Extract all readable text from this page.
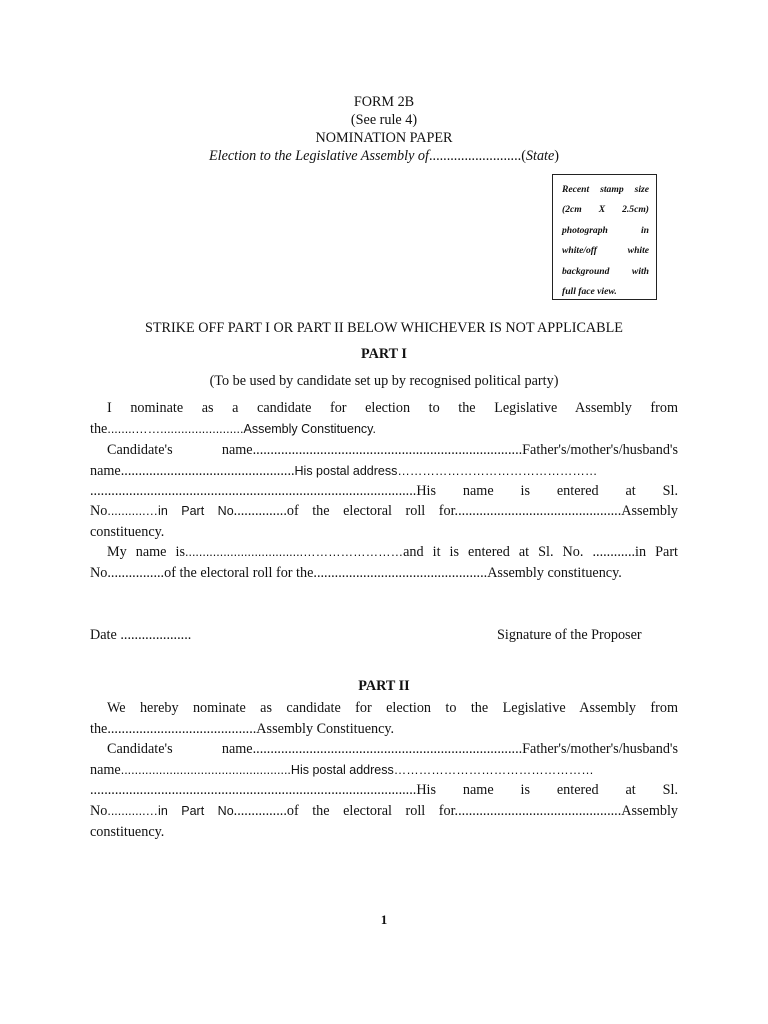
FORM 2B
(See rule 4)
NOMINATION PAPER
Election to the Legislative Assembly of..........................(State)
Recent stamp size
(2cm X 2.5cm)
photograph in
white/off white
background with
full face view.
STRIKE OFF PART I OR PART II BELOW WHICHEVER IS NOT APPLICABLE
PART I
(To be used by candidate set up by recognised political party)
I nominate as a candidate for election to the Legislative Assembly from
the........……........................Assembly Constituency.
Candidate's name............................................................................Father's/mother's/husband's
name.................................................His postal address…………………………………………
............................................................................................His name is entered at Sl.
No...........…in Part No...............of the electoral roll for...............................................Assembly
constituency.
My name is..................................……………………and it is entered at Sl. No. ............in Part
No................of the electoral roll for the.................................................Assembly constituency.
Date ....................	Signature of the Proposer
PART II
We hereby nominate as candidate for election to the Legislative Assembly from
the..........................................Assembly Constituency.
Candidate's name............................................................................Father's/mother's/husband's
name.................................................His postal address…………………………………………
............................................................................................His name is entered at Sl.
No...........…in Part No...............of the electoral roll for...............................................Assembly
constituency.
1
